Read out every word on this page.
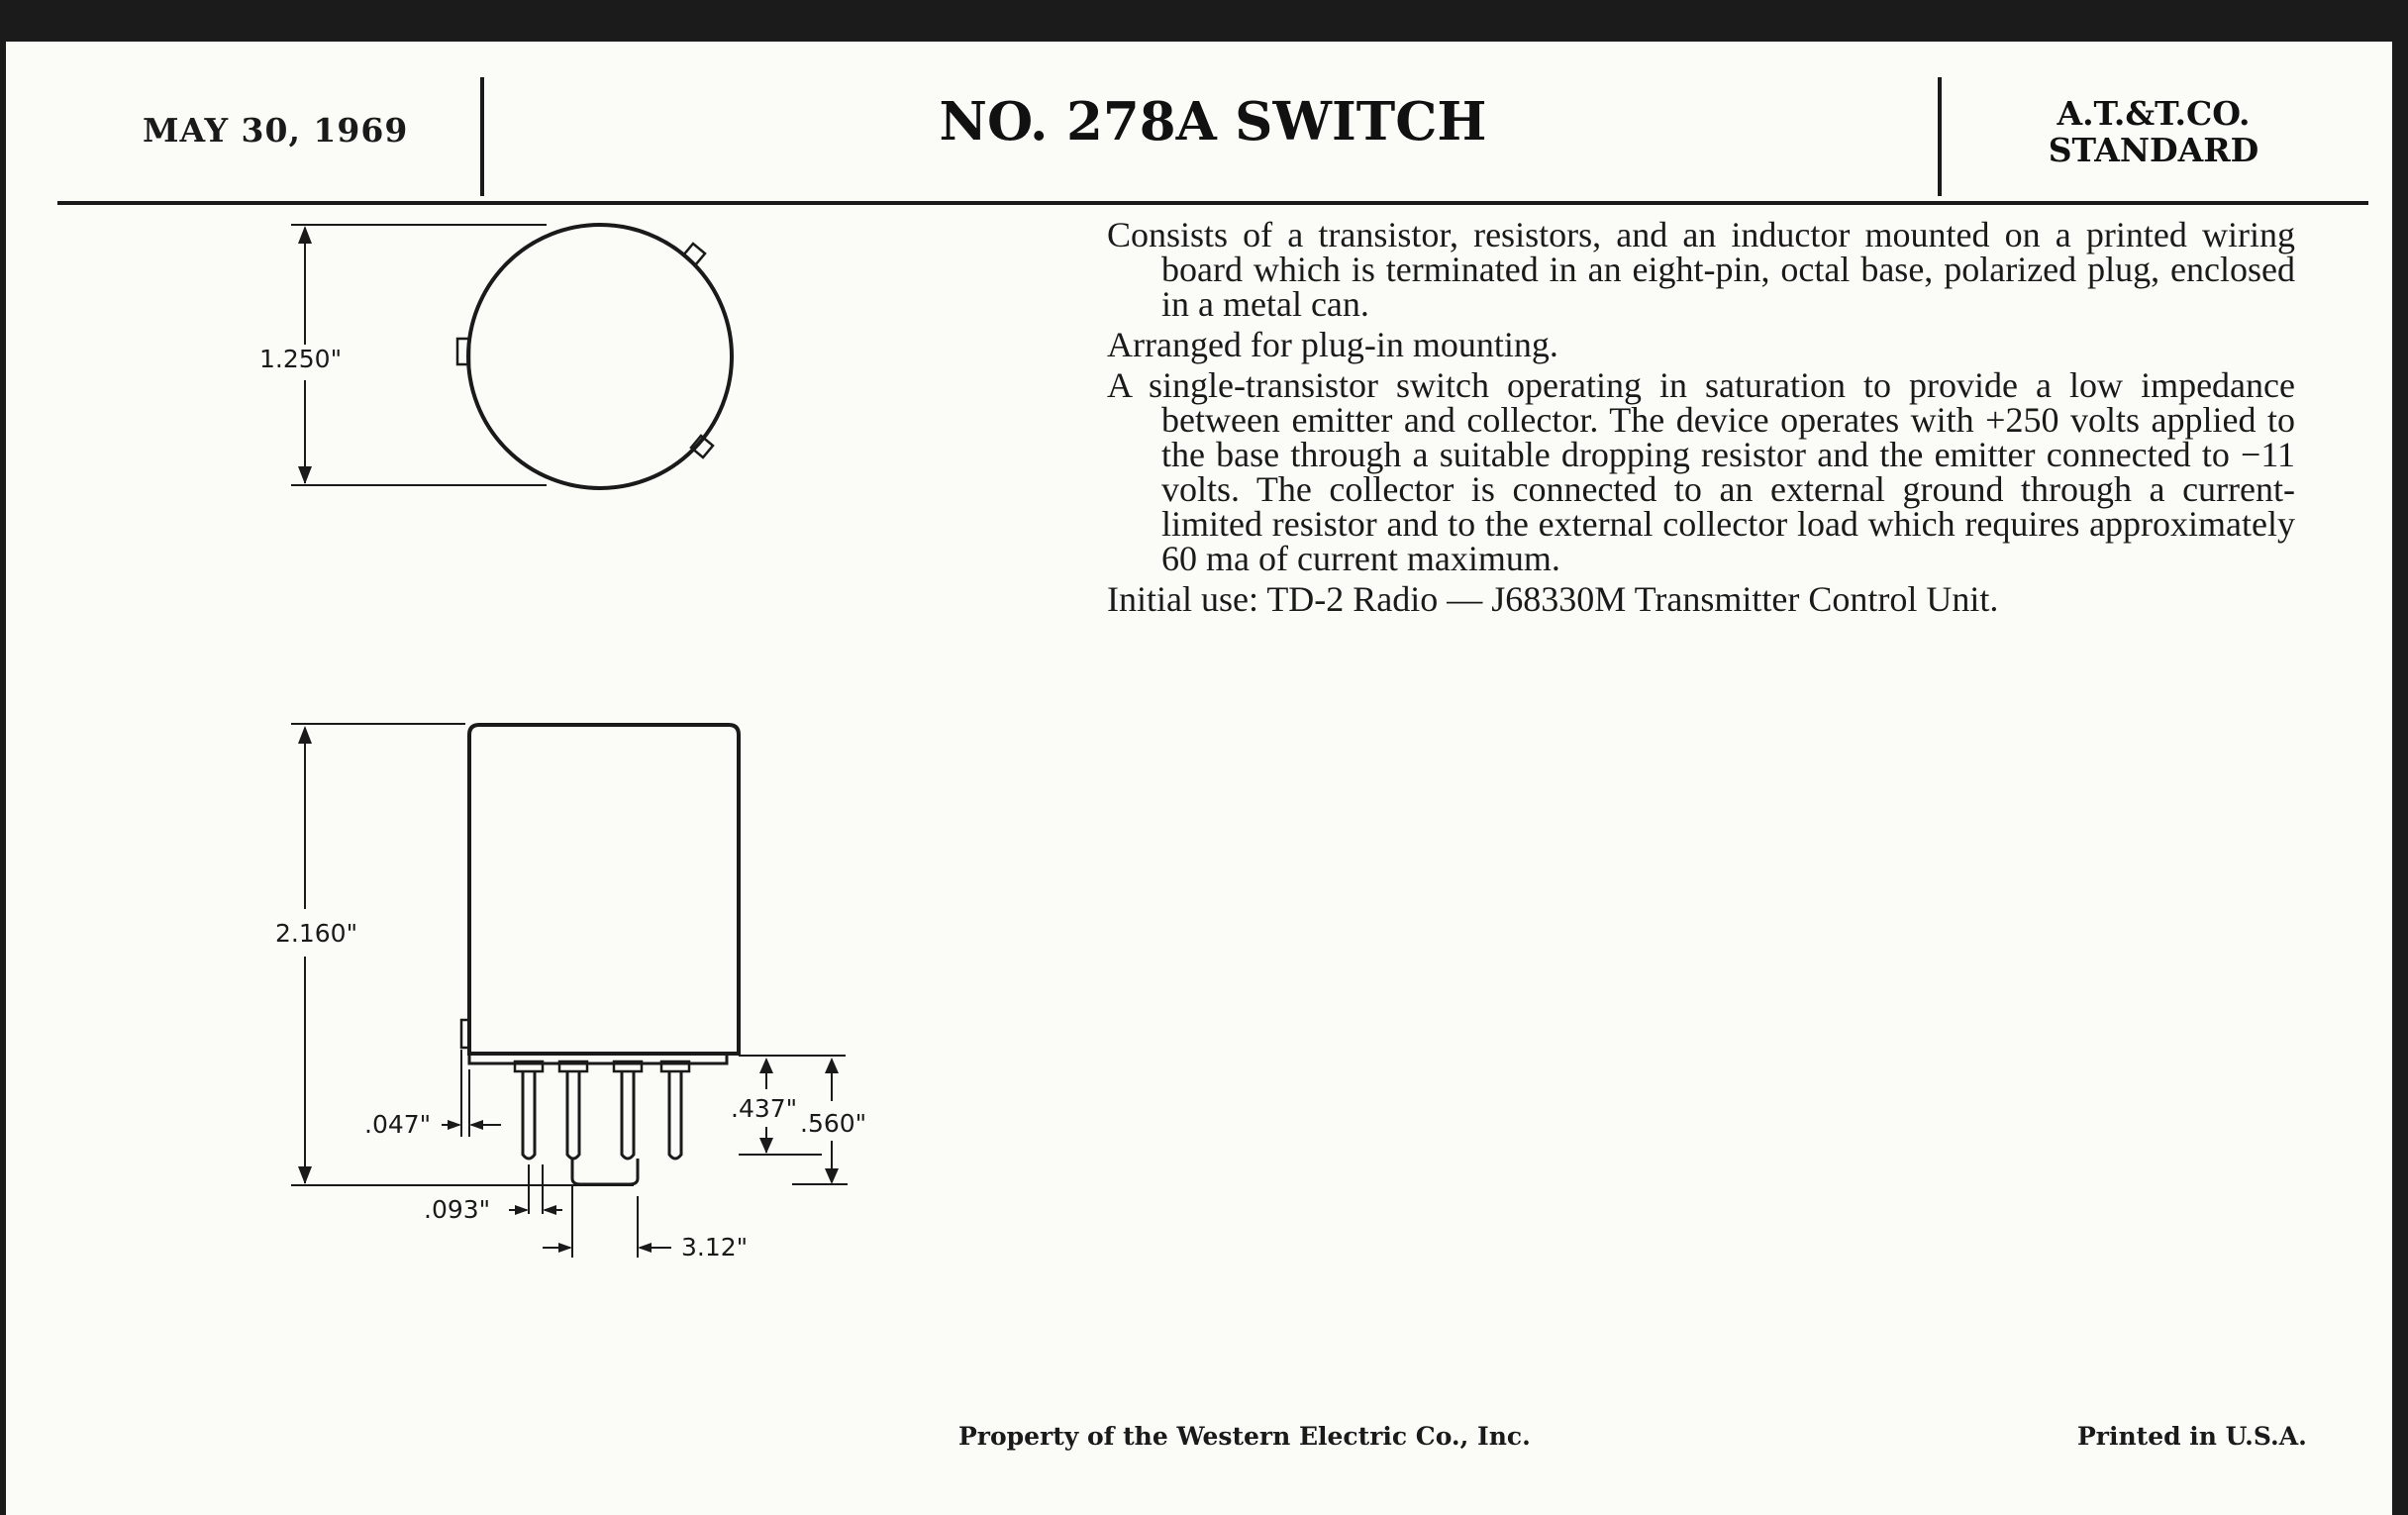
MAY 30, 1969	NO. 278A SWITCH	A.T.&T.CO.
STANDARD
1.250"
2.160"
.047"
.093"
.437"
.560"
3.12"

Consists of a transistor, resistors, and an inductor mounted on a printed wiring board which is terminated in an eight-pin, octal base, polarized plug, enclosed in a metal can.

Arranged for plug-in mounting.

A single-transistor switch operating in saturation to provide a low impedance between emitter and collector. The device operates with +250 volts applied to the base through a suitable dropping resistor and the emitter connected to −11 volts. The collector is connected to an external ground through a current-limited resistor and to the external collector load which requires approximately 60 ma of current maximum.

Initial use: TD-2 Radio — J68330M Transmitter Control Unit.

Property of the Western Electric Co., Inc.	Printed in U.S.A.
